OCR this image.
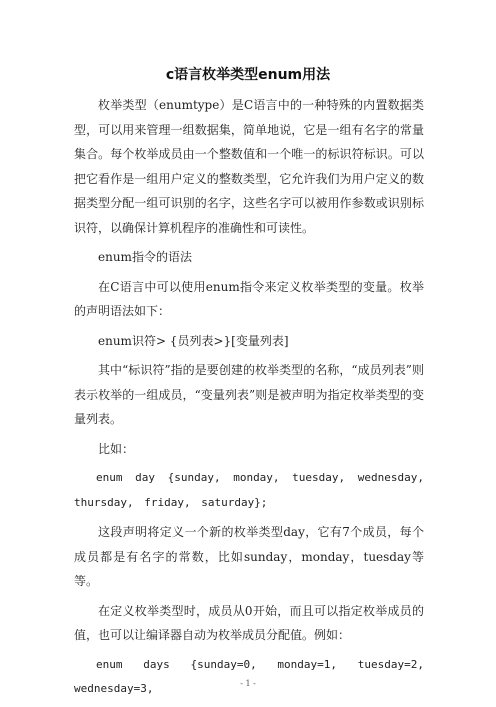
c语言枚举类型enum用法

枚举类型（enumtype）是C语言中的一种特殊的内置数据类型，可以用来管理一组数据集，简单地说，它是一组有名字的常量集合。每个枚举成员由一个整数值和一个唯一的标识符标识。可以把它看作是一组用户定义的整数类型，它允许我们为用户定义的数据类型分配一组可识别的名字，这些名字可以被用作参数或识别标识符，以确保计算机程序的准确性和可读性。

enum指令的语法

在C语言中可以使用enum指令来定义枚举类型的变量。枚举的声明语法如下：

enum识符> {员列表>}[变量列表]

其中“标识符”指的是要创建的枚举类型的名称，“成员列表”则表示枚举的一组成员，“变量列表”则是被声明为指定枚举类型的变量列表。

比如：

enum day {sunday, monday, tuesday, wednesday, thursday, friday, saturday};

这段声明将定义一个新的枚举类型day，它有7个成员，每个成员都是有名字的常数，比如sunday，monday，tuesday等等。

在定义枚举类型时，成员从0开始，而且可以指定枚举成员的值，也可以让编译器自动为枚举成员分配值。例如：

enum days {sunday=0, monday=1, tuesday=2, wednesday=3,	- 1 -
